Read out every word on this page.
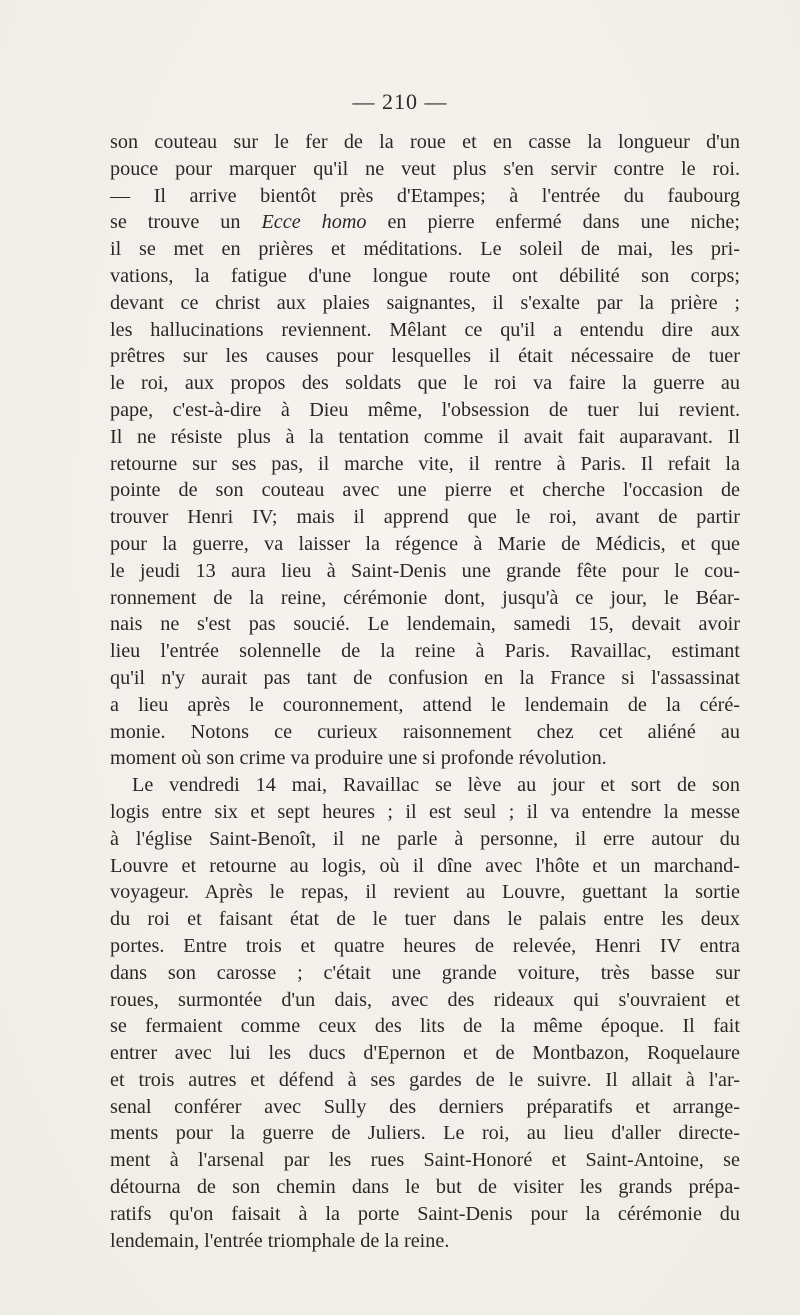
— 210 —
son couteau sur le fer de la roue et en casse la longueur d'un
pouce pour marquer qu'il ne veut plus s'en servir contre le roi.
— Il arrive bientôt près d'Etampes; à l'entrée du faubourg
se trouve un Ecce homo en pierre enfermé dans une niche;
il se met en prières et méditations. Le soleil de mai, les pri-
vations, la fatigue d'une longue route ont débilité son corps;
devant ce christ aux plaies saignantes, il s'exalte par la prière ;
les hallucinations reviennent. Mêlant ce qu'il a entendu dire aux
prêtres sur les causes pour lesquelles il était nécessaire de tuer
le roi, aux propos des soldats que le roi va faire la guerre au
pape, c'est-à-dire à Dieu même, l'obsession de tuer lui revient.
Il ne résiste plus à la tentation comme il avait fait auparavant. Il
retourne sur ses pas, il marche vite, il rentre à Paris. Il refait la
pointe de son couteau avec une pierre et cherche l'occasion de
trouver Henri IV; mais il apprend que le roi, avant de partir
pour la guerre, va laisser la régence à Marie de Médicis, et que
le jeudi 13 aura lieu à Saint-Denis une grande fête pour le cou-
ronnement de la reine, cérémonie dont, jusqu'à ce jour, le Béar-
nais ne s'est pas soucié. Le lendemain, samedi 15, devait avoir
lieu l'entrée solennelle de la reine à Paris. Ravaillac, estimant
qu'il n'y aurait pas tant de confusion en la France si l'assassinat
a lieu après le couronnement, attend le lendemain de la céré-
monie. Notons ce curieux raisonnement chez cet aliéné au
moment où son crime va produire une si profonde révolution.
Le vendredi 14 mai, Ravaillac se lève au jour et sort de son
logis entre six et sept heures ; il est seul ; il va entendre la messe
à l'église Saint-Benoît, il ne parle à personne, il erre autour du
Louvre et retourne au logis, où il dîne avec l'hôte et un marchand-
voyageur. Après le repas, il revient au Louvre, guettant la sortie
du roi et faisant état de le tuer dans le palais entre les deux
portes. Entre trois et quatre heures de relevée, Henri IV entra
dans son carosse ; c'était une grande voiture, très basse sur
roues, surmontée d'un dais, avec des rideaux qui s'ouvraient et
se fermaient comme ceux des lits de la même époque. Il fait
entrer avec lui les ducs d'Epernon et de Montbazon, Roquelaure
et trois autres et défend à ses gardes de le suivre. Il allait à l'ar-
senal conférer avec Sully des derniers préparatifs et arrange-
ments pour la guerre de Juliers. Le roi, au lieu d'aller directe-
ment à l'arsenal par les rues Saint-Honoré et Saint-Antoine, se
détourna de son chemin dans le but de visiter les grands prépa-
ratifs qu'on faisait à la porte Saint-Denis pour la cérémonie du
lendemain, l'entrée triomphale de la reine.
